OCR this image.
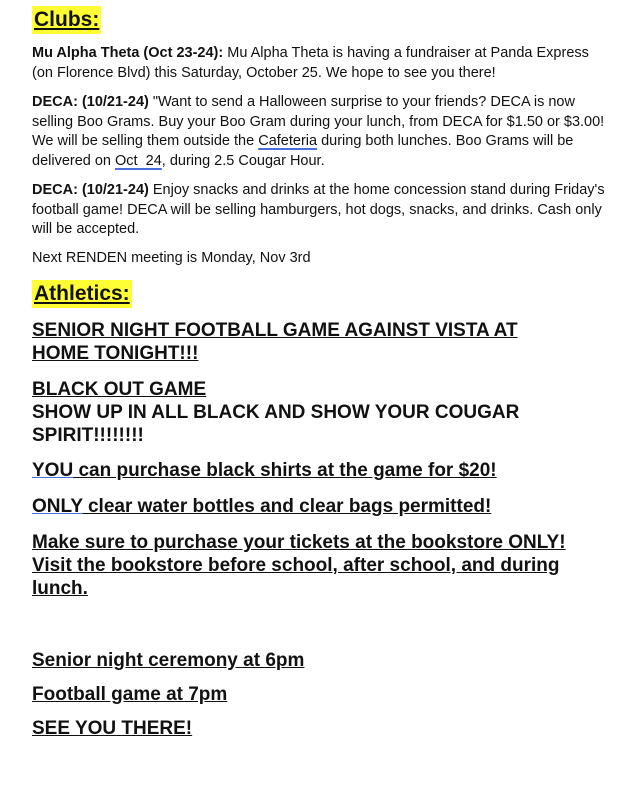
Clubs:

Mu Alpha Theta (Oct 23-24): Mu Alpha Theta is having a fundraiser at Panda Express (on Florence Blvd) this Saturday, October 25. We hope to see you there!

DECA: (10/21-24) "Want to send a Halloween surprise to your friends? DECA is now selling Boo Grams. Buy your Boo Gram during your lunch, from DECA for $1.50 or $3.00! We will be selling them outside the Cafeteria during both lunches. Boo Grams will be delivered on Oct  24, during 2.5 Cougar Hour.

DECA: (10/21-24) Enjoy snacks and drinks at the home concession stand during Friday's football game! DECA will be selling hamburgers, hot dogs, snacks, and drinks. Cash only will be accepted.

Next RENDEN meeting is Monday, Nov 3rd

Athletics:

SENIOR NIGHT FOOTBALL GAME AGAINST VISTA AT HOME TONIGHT!!!

BLACK OUT GAME
SHOW UP IN ALL BLACK AND SHOW YOUR COUGAR SPIRIT!!!!!!!!

YOU can purchase black shirts at the game for $20!

ONLY clear water bottles and clear bags permitted!

Make sure to purchase your tickets at the bookstore ONLY! Visit the bookstore before school, after school, and during lunch.

Senior night ceremony at 6pm

Football game at 7pm

SEE YOU THERE!
